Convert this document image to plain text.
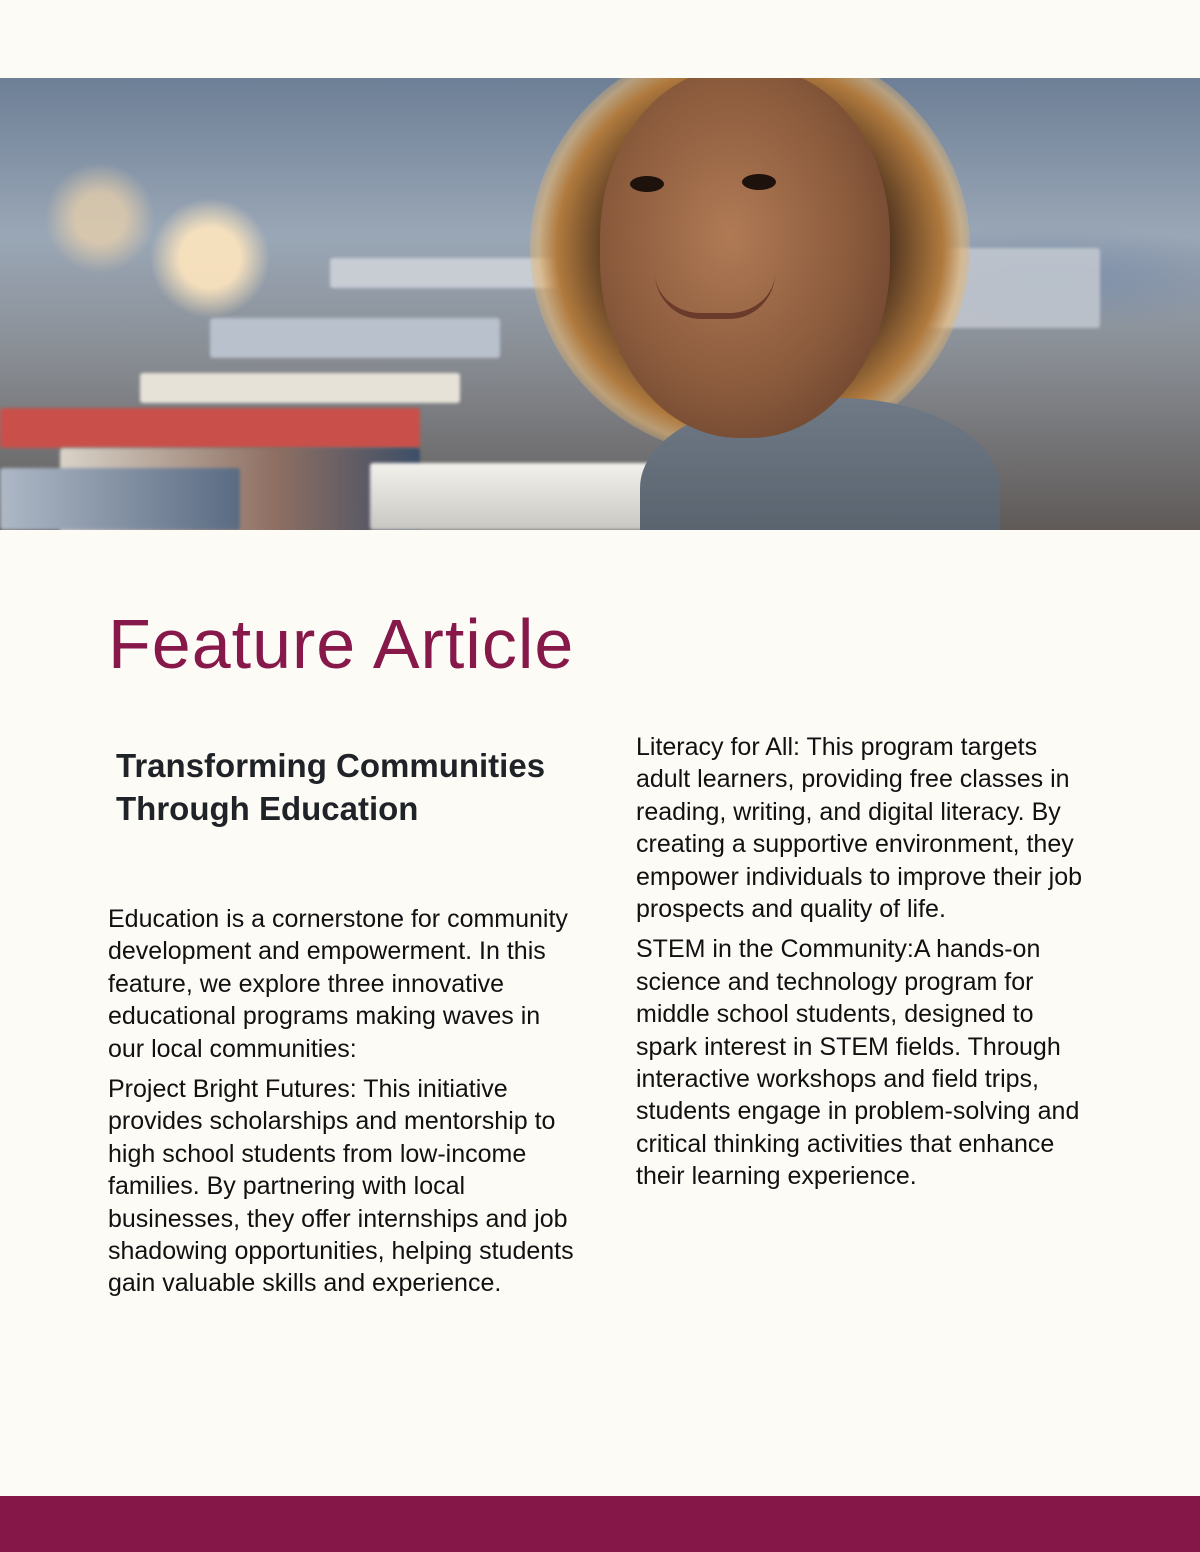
Feature Article
Transforming Communities Through Education

Education is a cornerstone for community development and empowerment. In this feature, we explore three innovative educational programs making waves in our local communities:

Project Bright Futures: This initiative provides scholarships and mentorship to high school students from low-income families. By partnering with local businesses, they offer internships and job shadowing opportunities, helping students gain valuable skills and experience.

Literacy for All: This program targets adult learners, providing free classes in reading, writing, and digital literacy. By creating a supportive environment, they empower individuals to improve their job prospects and quality of life.

STEM in the Community:A hands-on science and technology program for middle school students, designed to spark interest in STEM fields. Through interactive workshops and field trips, students engage in problem-solving and critical thinking activities that enhance their learning experience.
